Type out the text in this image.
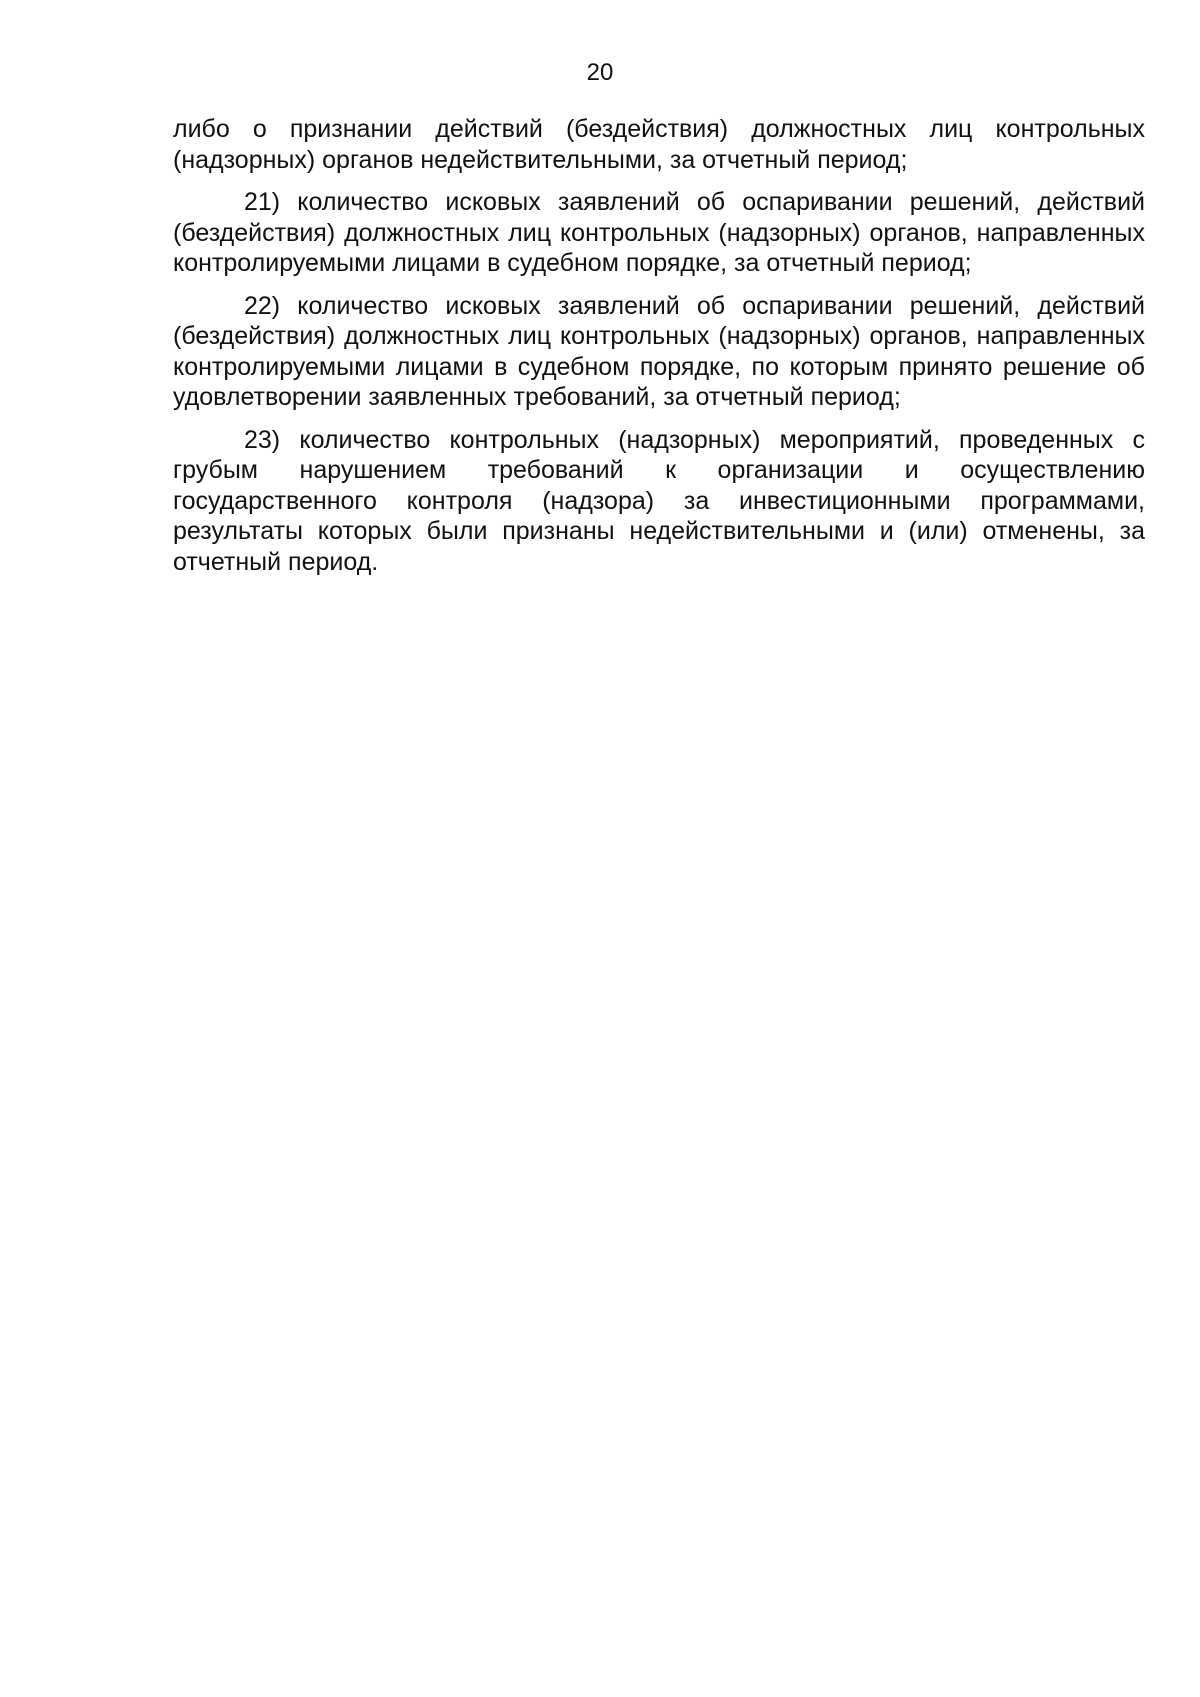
20

либо о признании действий (бездействия) должностных лиц контрольных (надзорных) органов недействительными, за отчетный период;

21) количество исковых заявлений об оспаривании решений, действий (бездействия) должностных лиц контрольных (надзорных) органов, направленных контролируемыми лицами в судебном порядке, за отчетный период;

22) количество исковых заявлений об оспаривании решений, действий (бездействия) должностных лиц контрольных (надзорных) органов, направленных контролируемыми лицами в судебном порядке, по которым принято решение об удовлетворении заявленных требований, за отчетный период;

23) количество контрольных (надзорных) мероприятий, проведенных с грубым нарушением требований к организации и осуществлению государственного контроля (надзора) за инвестиционными программами, результаты которых были признаны недействительными и (или) отменены, за отчетный период.
